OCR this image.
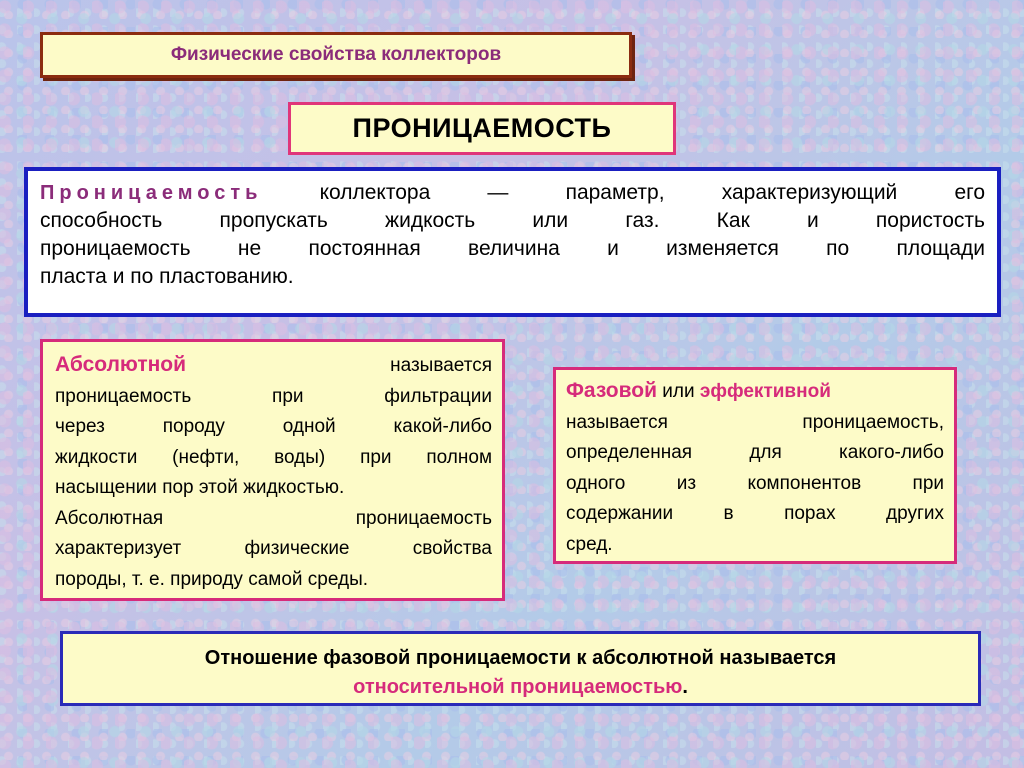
Физические свойства коллекторов
ПРОНИЦАЕМОСТЬ
Проницаемость коллектора — параметр, характеризующий его
способность пропускать жидкость или газ. Как и пористость
проницаемость не постоянная величина и изменяется по площади
пласта и по пластованию.
Абсолютной	называется
проницаемость при фильтрации
через породу одной какой-либо
жидкости (нефти, воды) при полном
насыщении пор этой жидкостью.
Абсолютная проницаемость
характеризует физические свойства
породы, т. е. природу самой среды.
Фазовой или эффективной
называется проницаемость,
определенная для какого-либо
одного из компонентов при
содержании в порах других
сред.
Отношение фазовой проницаемости к абсолютной называется
относительной проницаемостью.
